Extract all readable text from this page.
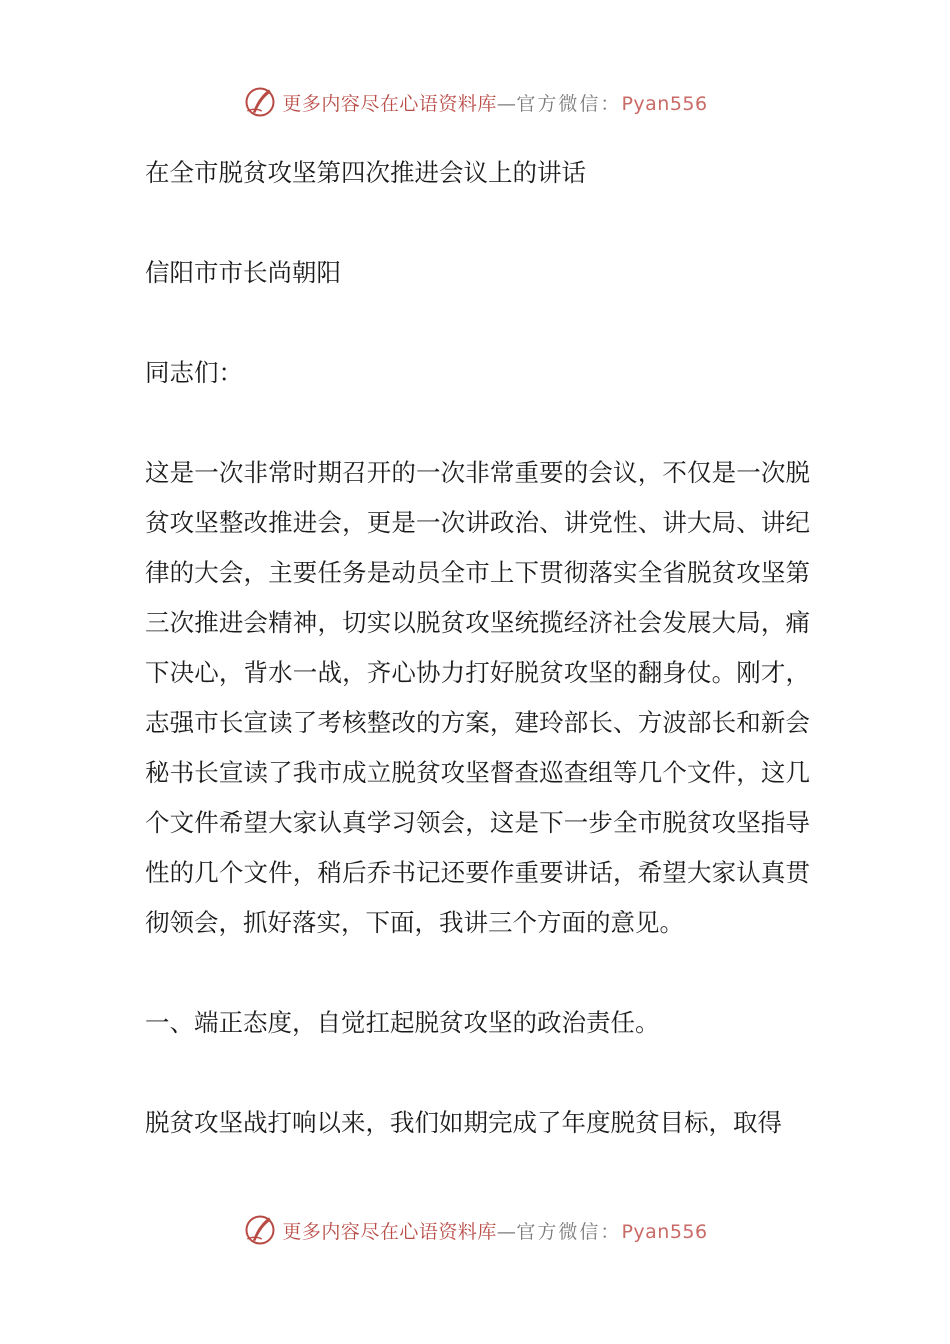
更多内容尽在心语资料库—官方微信：Pyan556

在全市脱贫攻坚第四次推进会议上的讲话

信阳市市长尚朝阳

同志们：

这是一次非常时期召开的一次非常重要的会议，不仅是一次脱贫攻坚整改推进会，更是一次讲政治、讲党性、讲大局、讲纪律的大会，主要任务是动员全市上下贯彻落实全省脱贫攻坚第三次推进会精神，切实以脱贫攻坚统揽经济社会发展大局，痛下决心，背水一战，齐心协力打好脱贫攻坚的翻身仗。刚才，志强市长宣读了考核整改的方案，建玲部长、方波部长和新会秘书长宣读了我市成立脱贫攻坚督查巡查组等几个文件，这几个文件希望大家认真学习领会，这是下一步全市脱贫攻坚指导性的几个文件，稍后乔书记还要作重要讲话，希望大家认真贯彻领会，抓好落实，下面，我讲三个方面的意见。

一、端正态度，自觉扛起脱贫攻坚的政治责任。

脱贫攻坚战打响以来，我们如期完成了年度脱贫目标，取得

更多内容尽在心语资料库—官方微信：Pyan556
